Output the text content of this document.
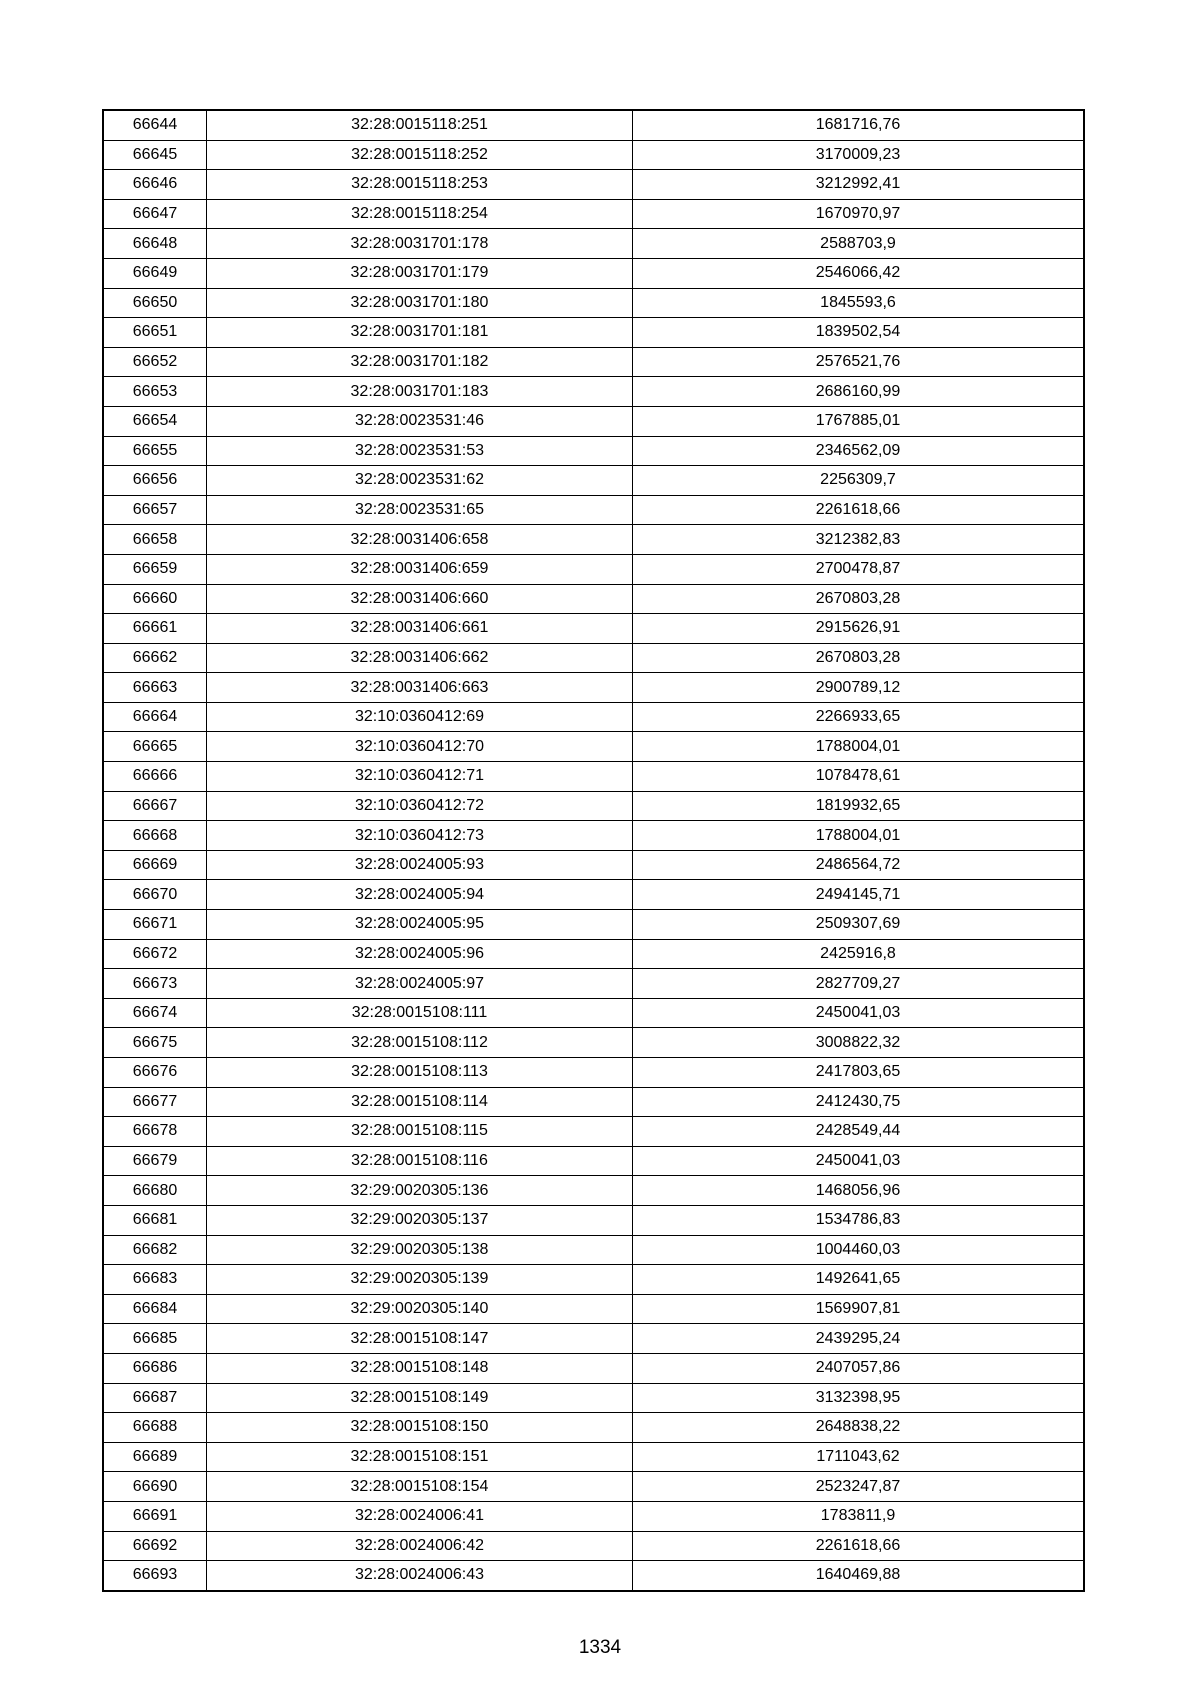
66644	32:28:0015118:251	1681716,76
66645	32:28:0015118:252	3170009,23
66646	32:28:0015118:253	3212992,41
66647	32:28:0015118:254	1670970,97
66648	32:28:0031701:178	2588703,9
66649	32:28:0031701:179	2546066,42
66650	32:28:0031701:180	1845593,6
66651	32:28:0031701:181	1839502,54
66652	32:28:0031701:182	2576521,76
66653	32:28:0031701:183	2686160,99
66654	32:28:0023531:46	1767885,01
66655	32:28:0023531:53	2346562,09
66656	32:28:0023531:62	2256309,7
66657	32:28:0023531:65	2261618,66
66658	32:28:0031406:658	3212382,83
66659	32:28:0031406:659	2700478,87
66660	32:28:0031406:660	2670803,28
66661	32:28:0031406:661	2915626,91
66662	32:28:0031406:662	2670803,28
66663	32:28:0031406:663	2900789,12
66664	32:10:0360412:69	2266933,65
66665	32:10:0360412:70	1788004,01
66666	32:10:0360412:71	1078478,61
66667	32:10:0360412:72	1819932,65
66668	32:10:0360412:73	1788004,01
66669	32:28:0024005:93	2486564,72
66670	32:28:0024005:94	2494145,71
66671	32:28:0024005:95	2509307,69
66672	32:28:0024005:96	2425916,8
66673	32:28:0024005:97	2827709,27
66674	32:28:0015108:111	2450041,03
66675	32:28:0015108:112	3008822,32
66676	32:28:0015108:113	2417803,65
66677	32:28:0015108:114	2412430,75
66678	32:28:0015108:115	2428549,44
66679	32:28:0015108:116	2450041,03
66680	32:29:0020305:136	1468056,96
66681	32:29:0020305:137	1534786,83
66682	32:29:0020305:138	1004460,03
66683	32:29:0020305:139	1492641,65
66684	32:29:0020305:140	1569907,81
66685	32:28:0015108:147	2439295,24
66686	32:28:0015108:148	2407057,86
66687	32:28:0015108:149	3132398,95
66688	32:28:0015108:150	2648838,22
66689	32:28:0015108:151	1711043,62
66690	32:28:0015108:154	2523247,87
66691	32:28:0024006:41	1783811,9
66692	32:28:0024006:42	2261618,66
66693	32:28:0024006:43	1640469,88
1334
